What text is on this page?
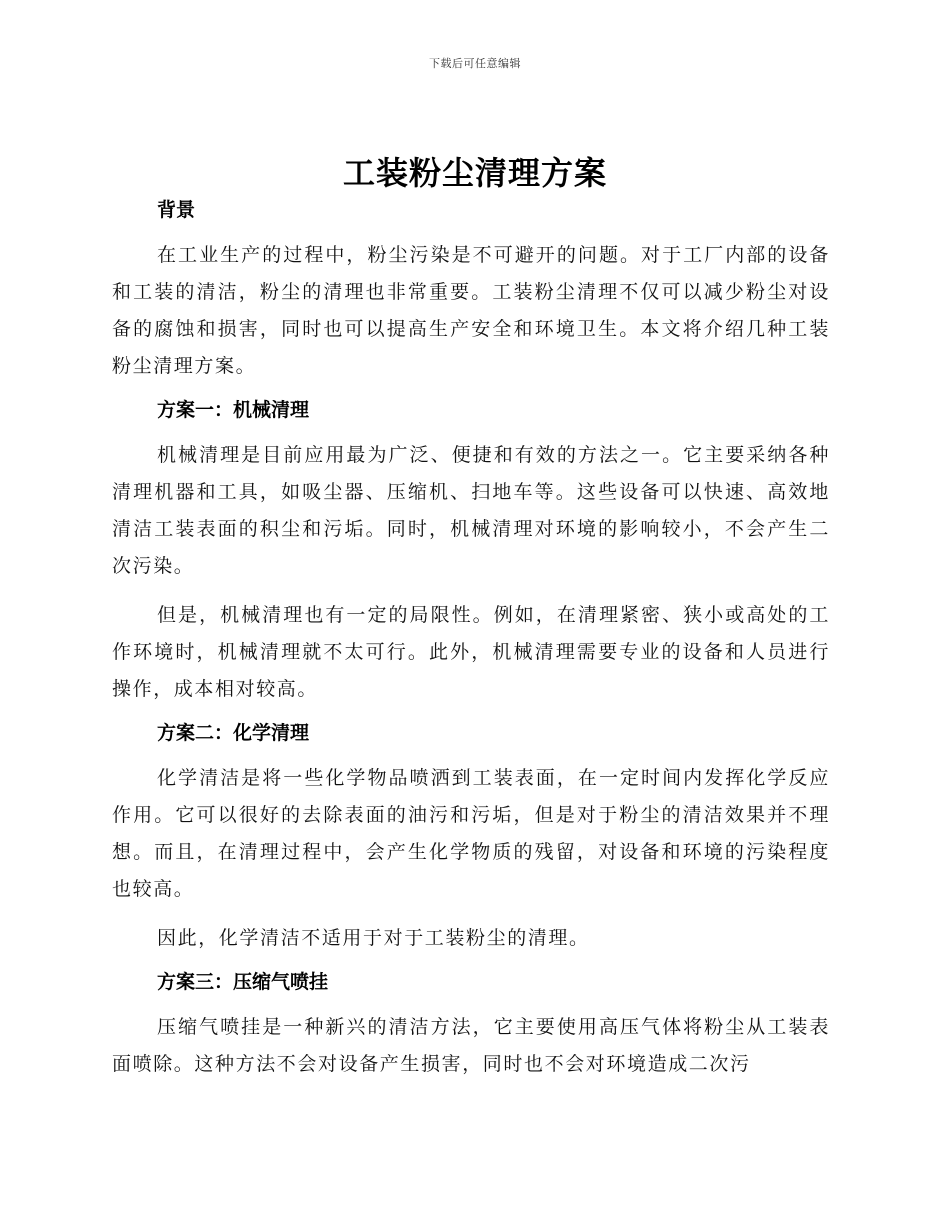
下载后可任意编辑
工装粉尘清理方案
背景

在工业生产的过程中，粉尘污染是不可避开的问题。对于工厂内部的设备和工装的清洁，粉尘的清理也非常重要。工装粉尘清理不仅可以减少粉尘对设备的腐蚀和损害，同时也可以提高生产安全和环境卫生。本文将介绍几种工装粉尘清理方案。

方案一：机械清理

机械清理是目前应用最为广泛、便捷和有效的方法之一。它主要采纳各种清理机器和工具，如吸尘器、压缩机、扫地车等。这些设备可以快速、高效地清洁工装表面的积尘和污垢。同时，机械清理对环境的影响较小，不会产生二次污染。

但是，机械清理也有一定的局限性。例如，在清理紧密、狭小或高处的工作环境时，机械清理就不太可行。此外，机械清理需要专业的设备和人员进行操作，成本相对较高。

方案二：化学清理

化学清洁是将一些化学物品喷洒到工装表面，在一定时间内发挥化学反应作用。它可以很好的去除表面的油污和污垢，但是对于粉尘的清洁效果并不理想。而且，在清理过程中，会产生化学物质的残留，对设备和环境的污染程度也较高。

因此，化学清洁不适用于对于工装粉尘的清理。

方案三：压缩气喷挂

压缩气喷挂是一种新兴的清洁方法，它主要使用高压气体将粉尘从工装表面喷除。这种方法不会对设备产生损害，同时也不会对环境造成二次污
